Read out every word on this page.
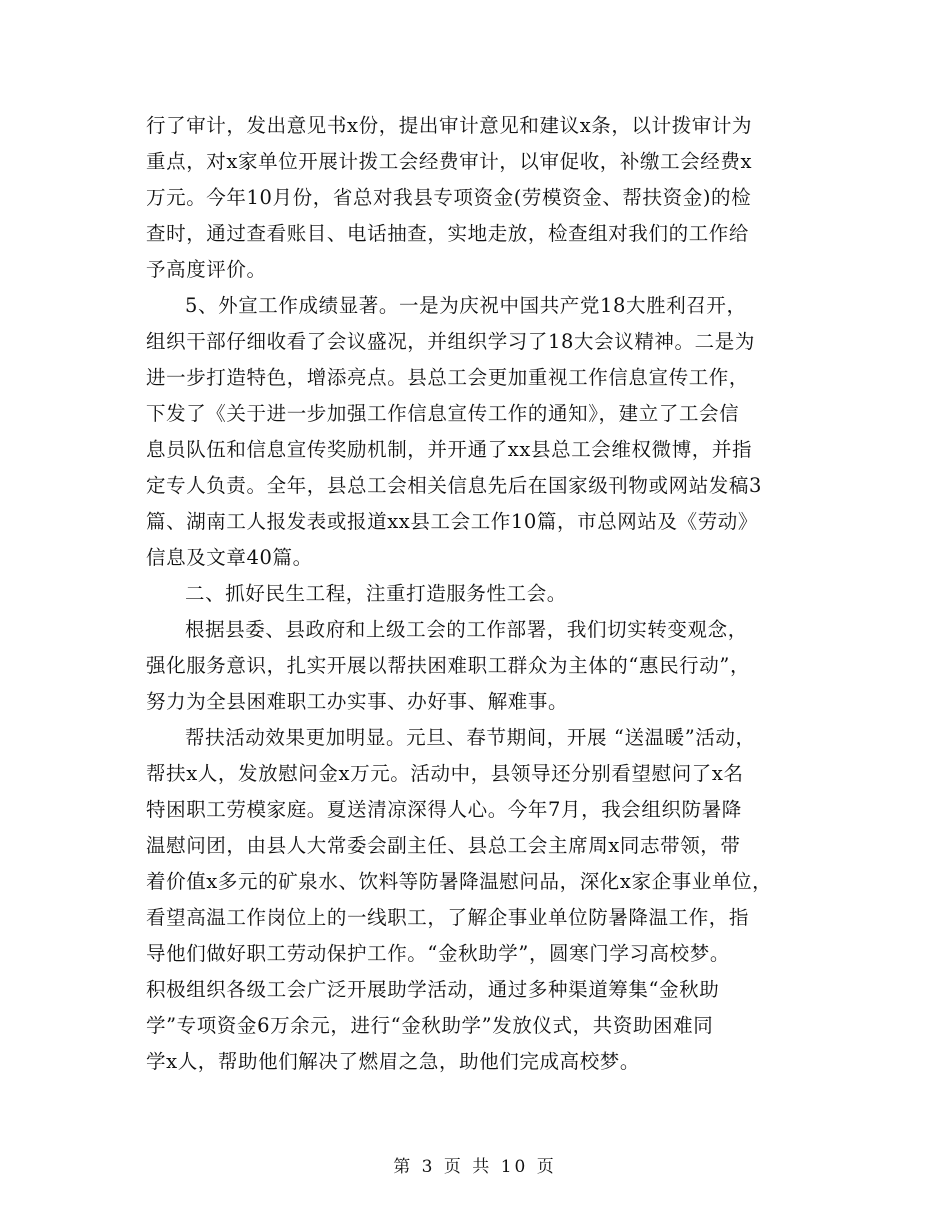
行了审计，发出意见书x份，提出审计意见和建议x条，以计拨审计为
重点，对x家单位开展计拨工会经费审计，以审促收，补缴工会经费x
万元。今年10月份，省总对我县专项资金(劳模资金、帮扶资金)的检
查时，通过查看账目、电话抽查，实地走放，检查组对我们的工作给
予高度评价。
5、外宣工作成绩显著。一是为庆祝中国共产党18大胜利召开，
组织干部仔细收看了会议盛况，并组织学习了18大会议精神。二是为
进一步打造特色，增添亮点。县总工会更加重视工作信息宣传工作，
下发了《关于进一步加强工作信息宣传工作的通知》，建立了工会信
息员队伍和信息宣传奖励机制，并开通了xx县总工会维权微博，并指
定专人负责。全年，县总工会相关信息先后在国家级刊物或网站发稿3
篇、湖南工人报发表或报道xx县工会工作10篇，市总网站及《劳动》
信息及文章40篇。
二、抓好民生工程，注重打造服务性工会。
根据县委、县政府和上级工会的工作部署，我们切实转变观念，
强化服务意识，扎实开展以帮扶困难职工群众为主体的“惠民行动”，
努力为全县困难职工办实事、办好事、解难事。
帮扶活动效果更加明显。元旦、春节期间，开展 “送温暖”活动，
帮扶x人，发放慰问金x万元。活动中，县领导还分别看望慰问了x名
特困职工劳模家庭。夏送清凉深得人心。今年7月，我会组织防暑降
温慰问团，由县人大常委会副主任、县总工会主席周x同志带领，带
着价值x多元的矿泉水、饮料等防暑降温慰问品，深化x家企事业单位，
看望高温工作岗位上的一线职工，了解企事业单位防暑降温工作，指
导他们做好职工劳动保护工作。“金秋助学”，圆寒门学习高校梦。
积极组织各级工会广泛开展助学活动，通过多种渠道筹集“金秋助
学”专项资金6万余元，进行“金秋助学”发放仪式，共资助困难同
学x人，帮助他们解决了燃眉之急，助他们完成高校梦。
第 3 页 共 10 页
